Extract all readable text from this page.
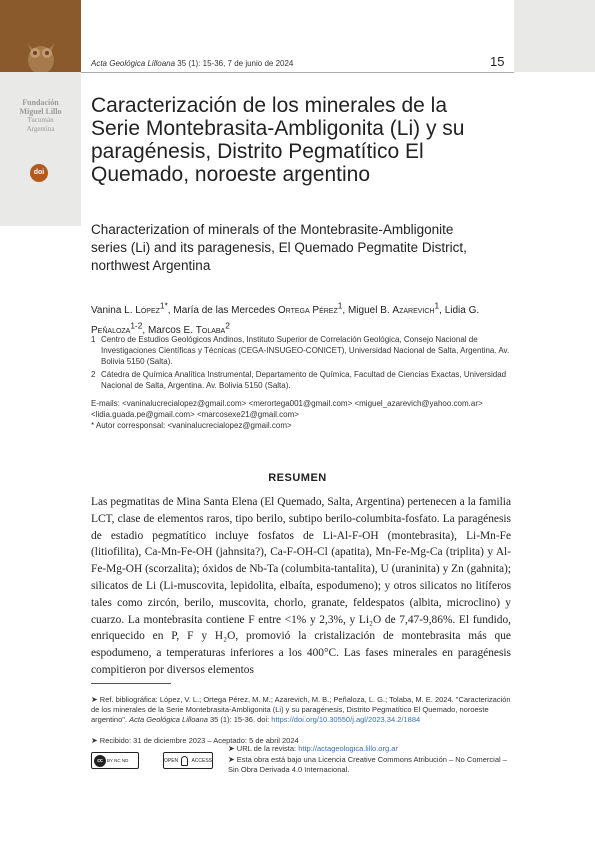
Fundación
Miguel Lillo
Tucumán
Argentina
doi
Acta Geológica Lilloana 35 (1): 15-36, 7 de junio de 2024	15
Caracterización de los minerales de la Serie Montebrasita-Ambligonita (Li) y su paragénesis, Distrito Pegmatítico El Quemado, noroeste argentino
Characterization of minerals of the Montebrasite-Ambligonite series (Li) and its paragenesis, El Quemado Pegmatite District, northwest Argentina
Vanina L. López$^{1*}$, María de las Mercedes Ortega Pérez$^1$, Miguel B. Azarevich$^1$, Lidia G. Peñaloza$^{1-2}$, Marcos E. Tolaba$^2$
1 Centro de Estudios Geológicos Andinos, Instituto Superior de Correlación Geológica, Consejo Nacional de Investigaciones Científicas y Técnicas (CEGA-INSUGEO-CONICET), Universidad Nacional de Salta, Argentina. Av. Bolivia 5150 (Salta).
2 Cátedra de Química Analítica Instrumental, Departamento de Química, Facultad de Ciencias Exactas, Universidad Nacional de Salta, Argentina. Av. Bolivia 5150 (Salta).
E-mails: <vaninalucrecialopez@gmail.com> <merortega001@gmail.com> <miguel_azarevich@yahoo.com.ar> <lidia.guada.pe@gmail.com> <marcosexe21@gmail.com>
* Autor corresponsal: <vaninalucrecialopez@gmail.com>
RESUMEN
Las pegmatitas de Mina Santa Elena (El Quemado, Salta, Argentina) pertenecen a la familia LCT, clase de elementos raros, tipo berilo, subtipo berilo-columbita-fosfato. La paragénesis de estadio pegmatítico incluye fosfatos de Li-Al-F-OH (montebrasita), Li-Mn-Fe (litiofilita), Ca-Mn-Fe-OH (jahnsita?), Ca-F-OH-Cl (apatita), Mn-Fe-Mg-Ca (triplita) y Al-Fe-Mg-OH (scorzalita); óxidos de Nb-Ta (columbita-tantalita), U (uraninita) y Zn (gahnita); silicatos de Li (Li-muscovita, lepidolita, elbaíta, espodumeno); y otros silicatos no litíferos tales como zircón, berilo, muscovita, chorlo, granate, feldespatos (albita, microclino) y cuarzo. La montebrasita contiene F entre <1% y 2,3%, y Li₂O de 7,47-9,86%. El fundido, enriquecido en P, F y H₂O, promovió la cristalización de montebrasita más que espodumeno, a temperaturas inferiores a los 400°C. Las fases minerales en paragénesis compitieron por diversos elementos
➤ Ref. bibliográfica: López, V. L.; Ortega Pérez, M. M.; Azarevich, M. B.; Peñaloza, L. G.; Tolaba, M. E. 2024. "Caracterización de los minerales de la Serie Montebrasita-Ambligonita (Li) y su paragénesis, Distrito Pegmatítico El Quemado, noroeste argentino". Acta Geológica Lilloana 35 (1): 15-36. doi: https://doi.org/10.30550/j.agl/2023.34.2/1884
➤ Recibido: 31 de diciembre 2023 – Aceptado: 5 de abril 2024
cc BY NC ND	OPEN	ACCESS
➤ URL de la revista: http://actageologica.lillo.org.ar
➤ Esta obra está bajo una Licencia Creative Commons Atribución – No Comercial – Sin Obra Derivada 4.0 Internacional.
